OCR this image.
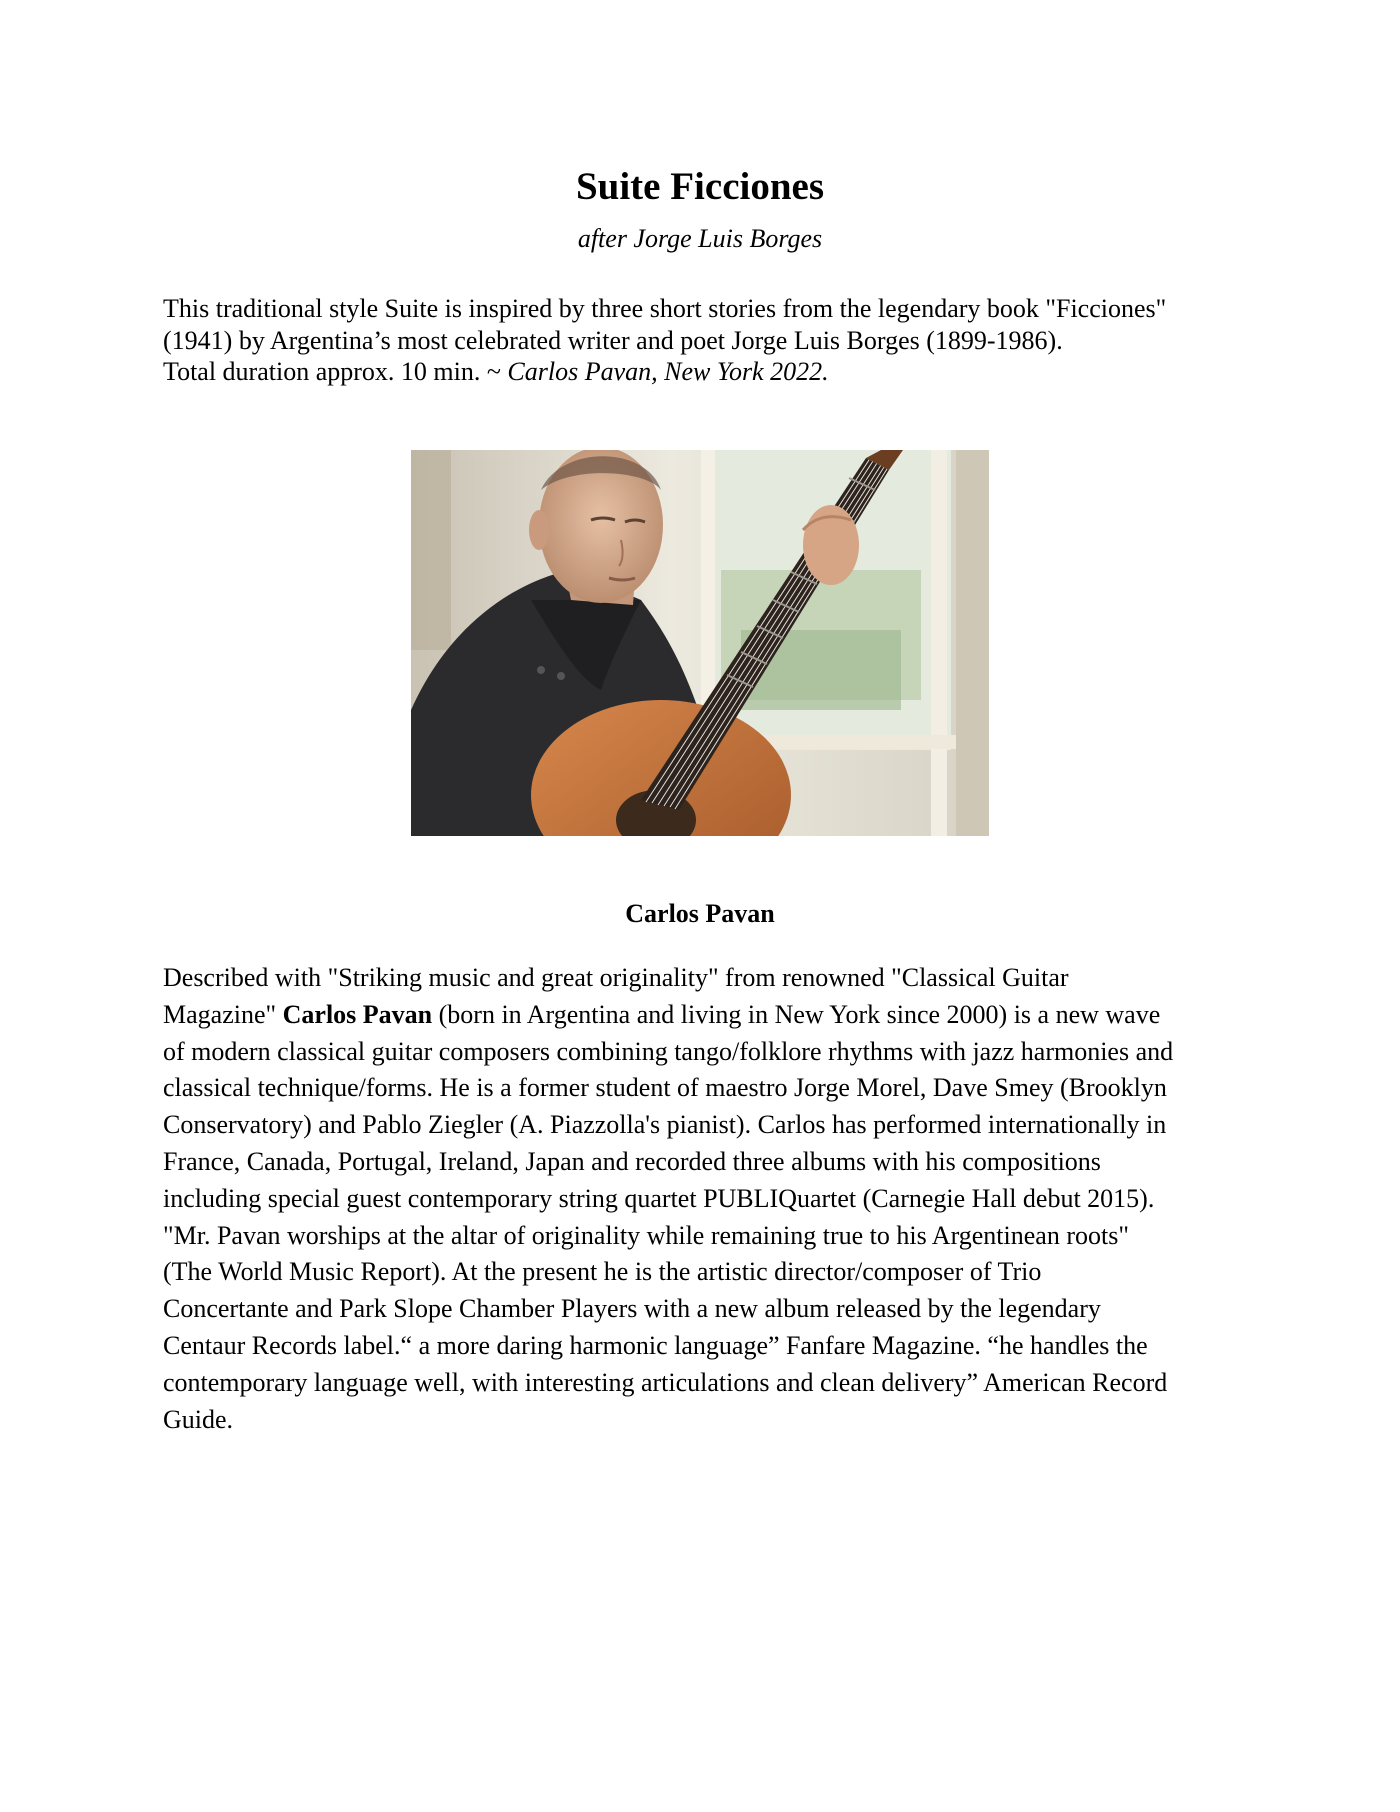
Suite Ficciones

after Jorge Luis Borges

This traditional style Suite is inspired by three short stories from the legendary book "Ficciones"
(1941) by Argentina’s most celebrated writer and poet Jorge Luis Borges (1899-1986).
Total duration approx. 10 min. ~ Carlos Pavan, New York 2022.

Carlos Pavan

Described with "Striking music and great originality" from renowned "Classical Guitar
Magazine" Carlos Pavan (born in Argentina and living in New York since 2000) is a new wave
of modern classical guitar composers combining tango/folklore rhythms with jazz harmonies and
classical technique/forms. He is a former student of maestro Jorge Morel, Dave Smey (Brooklyn
Conservatory) and Pablo Ziegler (A. Piazzolla's pianist). Carlos has performed internationally in
France, Canada, Portugal, Ireland, Japan and recorded three albums with his compositions
including special guest contemporary string quartet PUBLIQuartet (Carnegie Hall debut 2015).
"Mr. Pavan worships at the altar of originality while remaining true to his Argentinean roots"
(The World Music Report). At the present he is the artistic director/composer of Trio
Concertante and Park Slope Chamber Players with a new album released by the legendary
Centaur Records label.“ a more daring harmonic language” Fanfare Magazine. “he handles the
contemporary language well, with interesting articulations and clean delivery” American Record
Guide.
